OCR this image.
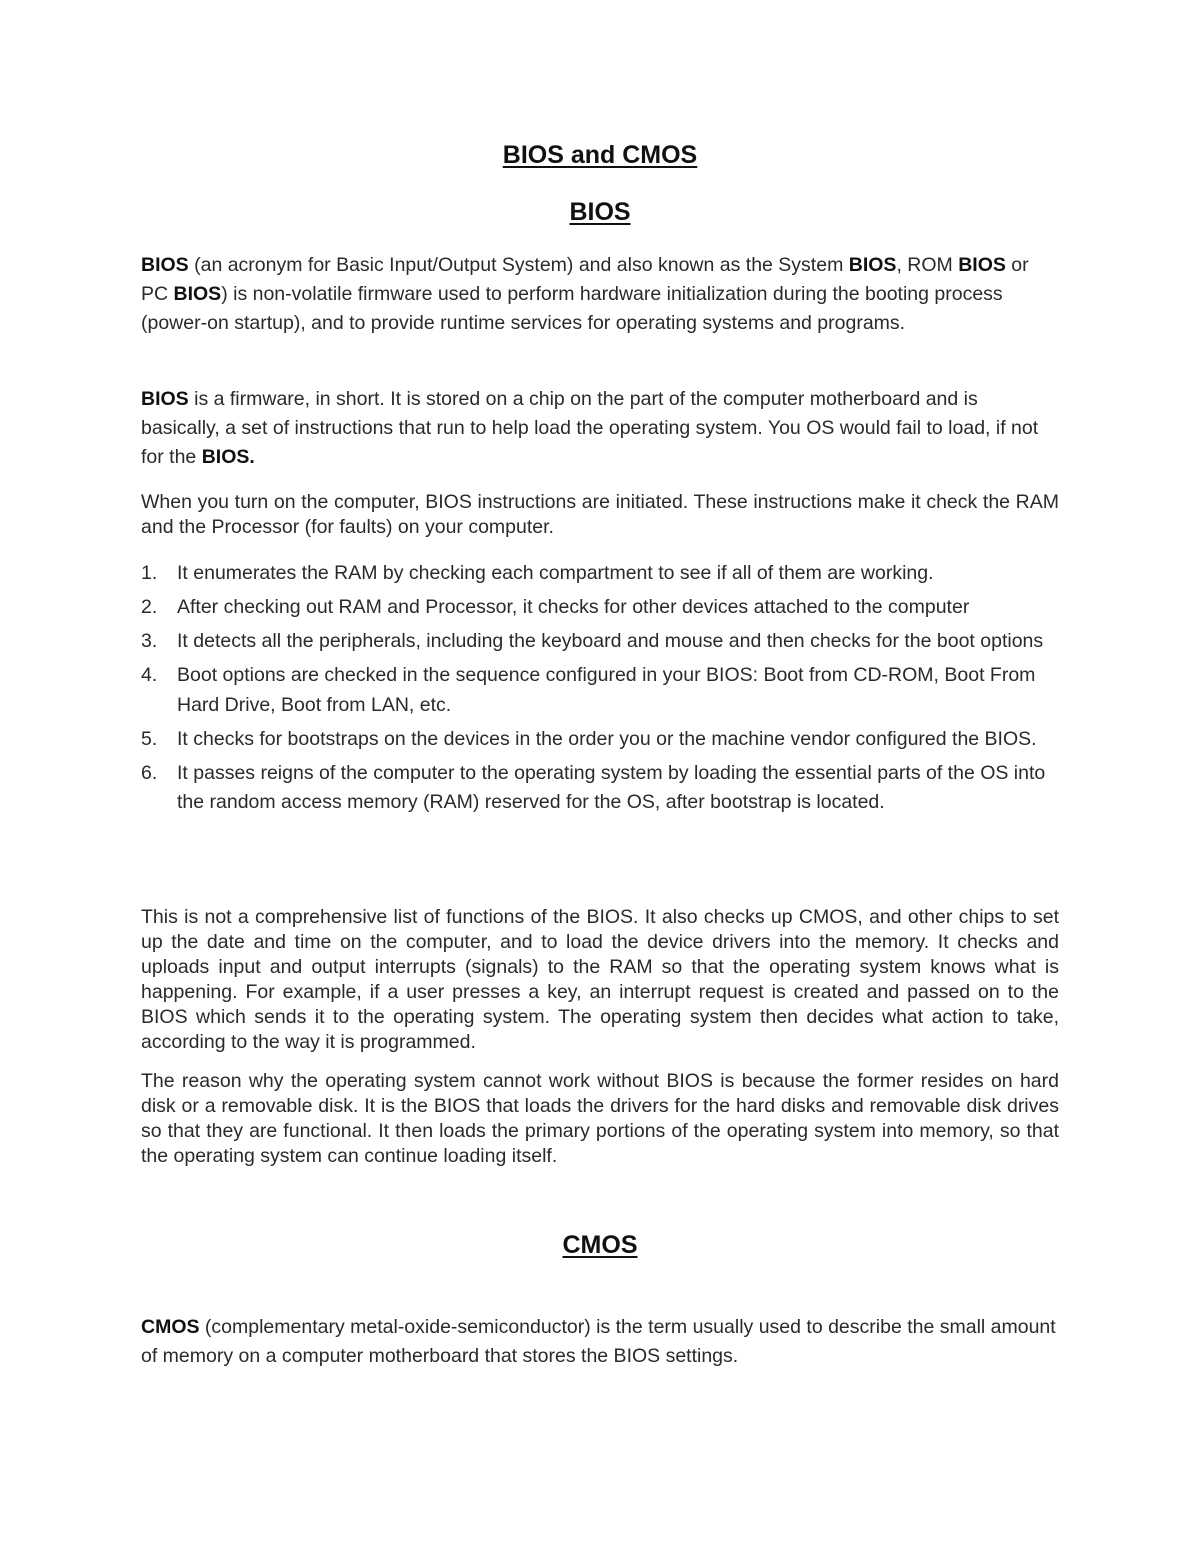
BIOS and CMOS
BIOS

BIOS (an acronym for Basic Input/Output System) and also known as the System BIOS, ROM BIOS or PC BIOS) is non-volatile firmware used to perform hardware initialization during the booting process (power-on startup), and to provide runtime services for operating systems and programs.

BIOS is a firmware, in short. It is stored on a chip on the part of the computer motherboard and is basically, a set of instructions that run to help load the operating system. You OS would fail to load, if not for the BIOS.

When you turn on the computer, BIOS instructions are initiated. These instructions make it check the RAM and the Processor (for faults) on your computer.

1. It enumerates the RAM by checking each compartment to see if all of them are working.
2. After checking out RAM and Processor, it checks for other devices attached to the computer
3. It detects all the peripherals, including the keyboard and mouse and then checks for the boot options
4. Boot options are checked in the sequence configured in your BIOS: Boot from CD-ROM, Boot From Hard Drive, Boot from LAN, etc.
5. It checks for bootstraps on the devices in the order you or the machine vendor configured the BIOS.
6. It passes reigns of the computer to the operating system by loading the essential parts of the OS into the random access memory (RAM) reserved for the OS, after bootstrap is located.

This is not a comprehensive list of functions of the BIOS. It also checks up CMOS, and other chips to set up the date and time on the computer, and to load the device drivers into the memory. It checks and uploads input and output interrupts (signals) to the RAM so that the operating system knows what is happening. For example, if a user presses a key, an interrupt request is created and passed on to the BIOS which sends it to the operating system. The operating system then decides what action to take, according to the way it is programmed.

The reason why the operating system cannot work without BIOS is because the former resides on hard disk or a removable disk. It is the BIOS that loads the drivers for the hard disks and removable disk drives so that they are functional. It then loads the primary portions of the operating system into memory, so that the operating system can continue loading itself.

CMOS

CMOS (complementary metal-oxide-semiconductor) is the term usually used to describe the small amount of memory on a computer motherboard that stores the BIOS settings.
